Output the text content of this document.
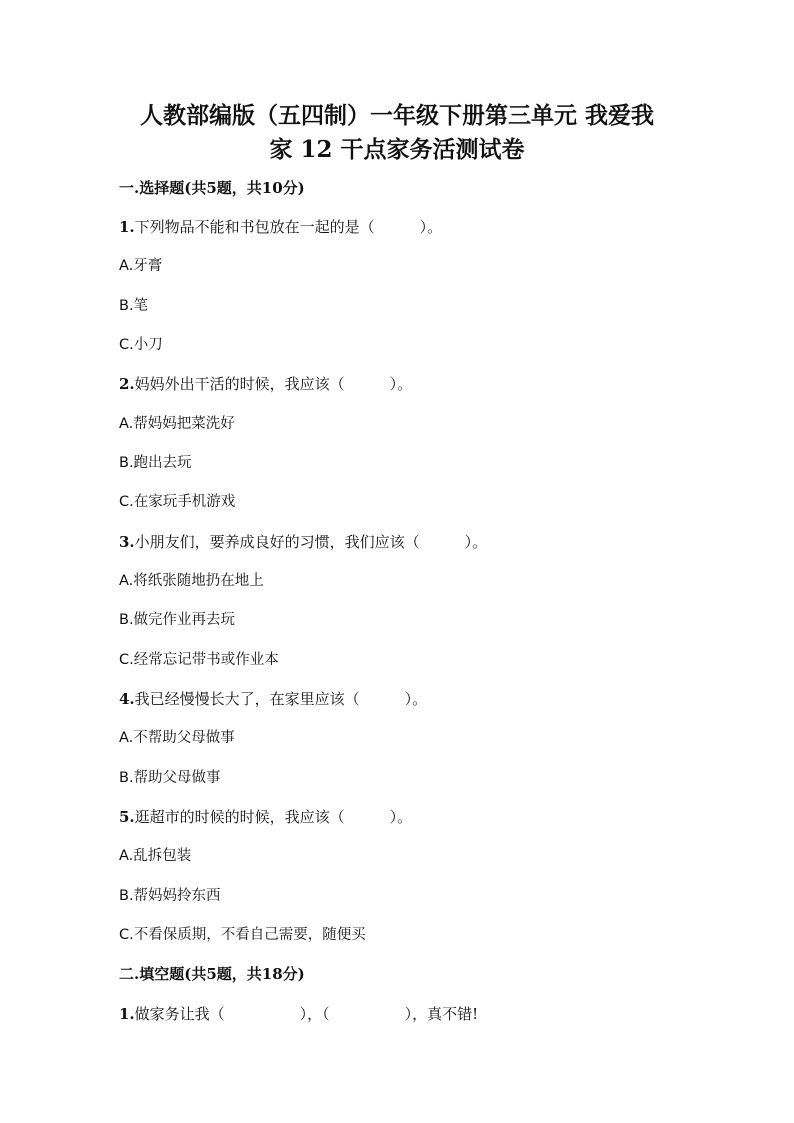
人教部编版（五四制）一年级下册第三单元 我爱我
家 12 干点家务活测试卷
一.选择题(共5题，共10分)
1.下列物品不能和书包放在一起的是（　　　）。
A.牙膏
B.笔
C.小刀
2.妈妈外出干活的时候，我应该（　　　）。
A.帮妈妈把菜洗好
B.跑出去玩
C.在家玩手机游戏
3.小朋友们，要养成良好的习惯，我们应该（　　　）。
A.将纸张随地扔在地上
B.做完作业再去玩
C.经常忘记带书或作业本
4.我已经慢慢长大了，在家里应该（　　　）。
A.不帮助父母做事
B.帮助父母做事
5.逛超市的时候的时候，我应该（　　　）。
A.乱拆包装
B.帮妈妈拎东西
C.不看保质期，不看自己需要，随便买
二.填空题(共5题，共18分)
1.做家务让我（　　　　　），（　　　　　），真不错!
